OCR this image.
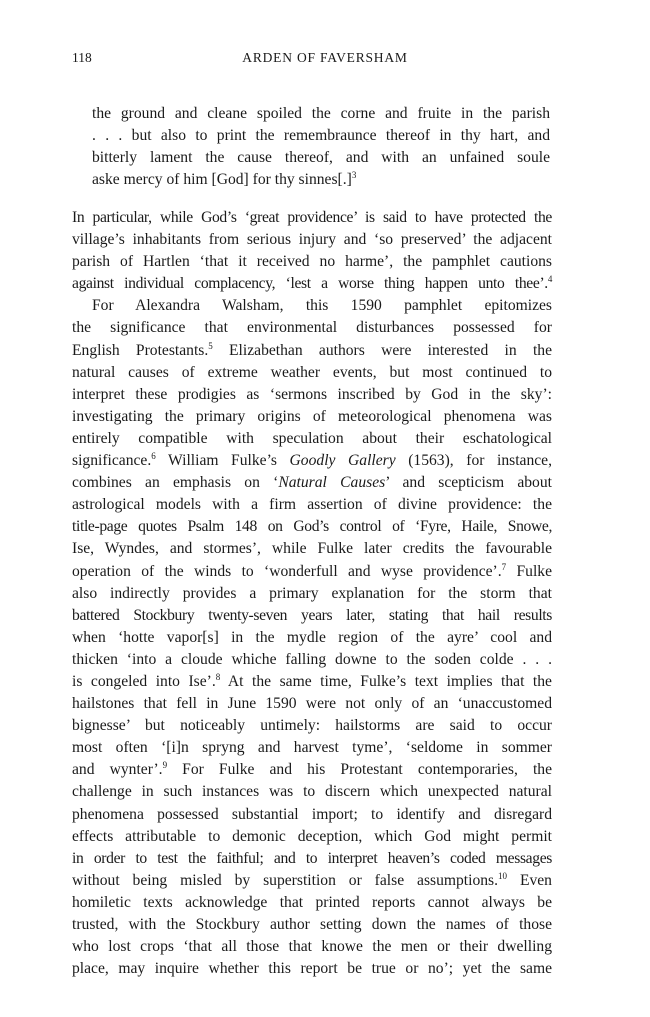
118	ARDEN OF FAVERSHAM
the ground and cleane spoiled the corne and fruite in the parish
. . . but also to print the remembraunce thereof in thy hart, and
bitterly lament the cause thereof, and with an unfained soule
aske mercy of him [God] for thy sinnes[.]$^3$
In particular, while God’s ‘great providence’ is said to have protected the
village’s inhabitants from serious injury and ‘so preserved’ the adjacent
parish of Hartlen ‘that it received no harme’, the pamphlet cautions
against individual complacency, ‘lest a worse thing happen unto thee’.$^4$
For Alexandra Walsham, this 1590 pamphlet epitomizes
the significance that environmental disturbances possessed for
English Protestants.$^5$ Elizabethan authors were interested in the
natural causes of extreme weather events, but most continued to
interpret these prodigies as ‘sermons inscribed by God in the sky’:
investigating the primary origins of meteorological phenomena was
entirely compatible with speculation about their eschatological
significance.$^6$ William Fulke’s Goodly Gallery (1563), for instance,
combines an emphasis on ‘Natural Causes’ and scepticism about
astrological models with a firm assertion of divine providence: the
title-page quotes Psalm 148 on God’s control of ‘Fyre, Haile, Snowe,
Ise, Wyndes, and stormes’, while Fulke later credits the favourable
operation of the winds to ‘wonderfull and wyse providence’.$^7$ Fulke
also indirectly provides a primary explanation for the storm that
battered Stockbury twenty-seven years later, stating that hail results
when ‘hotte vapor[s] in the mydle region of the ayre’ cool and
thicken ‘into a cloude whiche falling downe to the soden colde . . .
is congeled into Ise’.$^8$ At the same time, Fulke’s text implies that the
hailstones that fell in June 1590 were not only of an ‘unaccustomed
bignesse’ but noticeably untimely: hailstorms are said to occur
most often ‘[i]n spryng and harvest tyme’, ‘seldome in sommer
and wynter’.$^9$ For Fulke and his Protestant contemporaries, the
challenge in such instances was to discern which unexpected natural
phenomena possessed substantial import; to identify and disregard
effects attributable to demonic deception, which God might permit
in order to test the faithful; and to interpret heaven’s coded messages
without being misled by superstition or false assumptions.$^{10}$ Even
homiletic texts acknowledge that printed reports cannot always be
trusted, with the Stockbury author setting down the names of those
who lost crops ‘that all those that knowe the men or their dwelling
place, may inquire whether this report be true or no’; yet the same
